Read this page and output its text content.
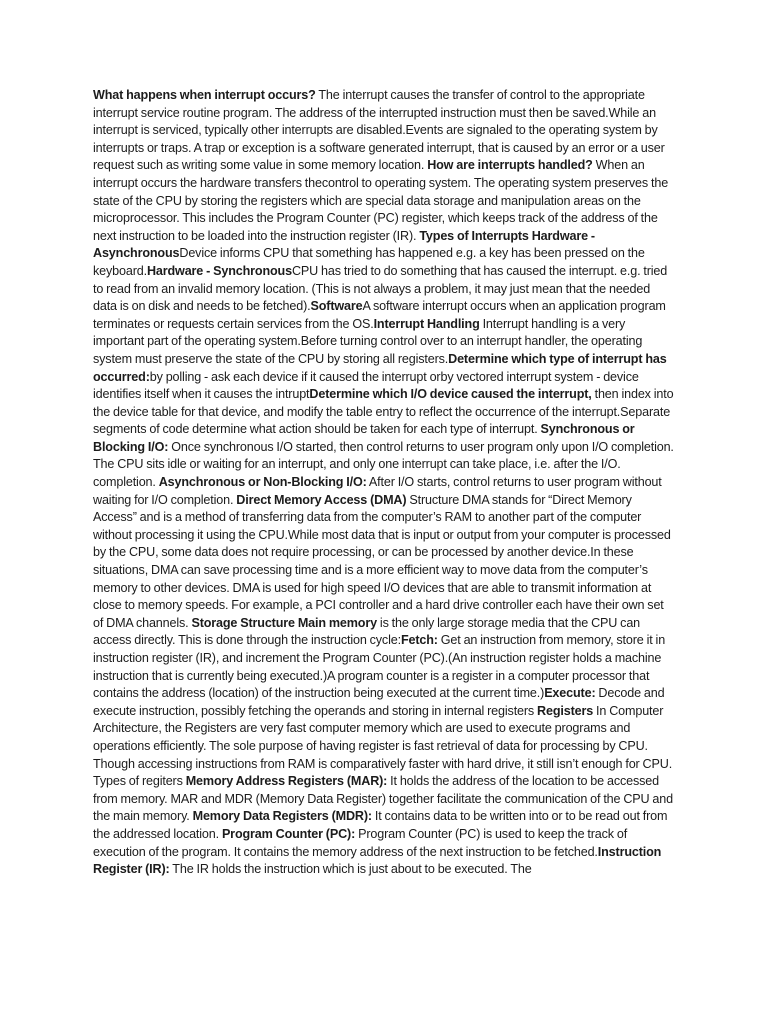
What happens when interrupt occurs? The interrupt causes the transfer of control to the appropriate interrupt service routine program. The address of the interrupted instruction must then be saved.While an interrupt is serviced, typically other interrupts are disabled.Events are signaled to the operating system by interrupts or traps. A trap or exception is a software generated interrupt, that is caused by an error or a user request such as writing some value in some memory location. How are interrupts handled? When an interrupt occurs the hardware transfers thecontrol to operating system. The operating system preserves the state of the CPU by storing the registers which are special data storage and manipulation areas on the microprocessor. This includes the Program Counter (PC) register, which keeps track of the address of the next instruction to be loaded into the instruction register (IR). Types of Interrupts Hardware - AsynchronousDevice informs CPU that something has happened e.g. a key has been pressed on the keyboard.Hardware - SynchronousCPU has tried to do something that has caused the interrupt. e.g. tried to read from an invalid memory location. (This is not always a problem, it may just mean that the needed data is on disk and needs to be fetched).SoftwareA software interrupt occurs when an application program terminates or requests certain services from the OS.Interrupt Handling Interrupt handling is a very important part of the operating system.Before turning control over to an interrupt handler, the operating system must preserve the state of the CPU by storing all registers.Determine which type of interrupt has occurred:by polling - ask each device if it caused the interrupt orby vectored interrupt system - device identifies itself when it causes the intruptDetermine which I/O device caused the interrupt, then index into the device table for that device, and modify the table entry to reflect the occurrence of the interrupt.Separate segments of code determine what action should be taken for each type of interrupt. Synchronous or Blocking I/O: Once synchronous I/O started, then control returns to user program only upon I/O completion. The CPU sits idle or waiting for an interrupt, and only one interrupt can take place, i.e. after the I/O. completion. Asynchronous or Non-Blocking I/O: After I/O starts, control returns to user program without waiting for I/O completion. Direct Memory Access (DMA) Structure DMA stands for “Direct Memory Access” and is a method of transferring data from the computer’s RAM to another part of the computer without processing it using the CPU.While most data that is input or output from your computer is processed by the CPU, some data does not require processing, or can be processed by another device.In these situations, DMA can save processing time and is a more efficient way to move data from the computer’s memory to other devices. DMA is used for high speed I/O devices that are able to transmit information at close to memory speeds. For example, a PCI controller and a hard drive controller each have their own set of DMA channels. Storage Structure Main memory is the only large storage media that the CPU can access directly. This is done through the instruction cycle:Fetch: Get an instruction from memory, store it in instruction register (IR), and increment the Program Counter (PC).(An instruction register holds a machine instruction that is currently being executed.)A program counter is a register in a computer processor that contains the address (location) of the instruction being executed at the current time.)Execute: Decode and execute instruction, possibly fetching the operands and storing in internal registers Registers In Computer Architecture, the Registers are very fast computer memory which are used to execute programs and operations efficiently. The sole purpose of having register is fast retrieval of data for processing by CPU. Though accessing instructions from RAM is comparatively faster with hard drive, it still isn’t enough for CPU. Types of regiters Memory Address Registers (MAR): It holds the address of the location to be accessed from memory. MAR and MDR (Memory Data Register) together facilitate the communication of the CPU and the main memory. Memory Data Registers (MDR): It contains data to be written into or to be read out from the addressed location. Program Counter (PC): Program Counter (PC) is used to keep the track of execution of the program. It contains the memory address of the next instruction to be fetched.Instruction Register (IR): The IR holds the instruction which is just about to be executed. The
